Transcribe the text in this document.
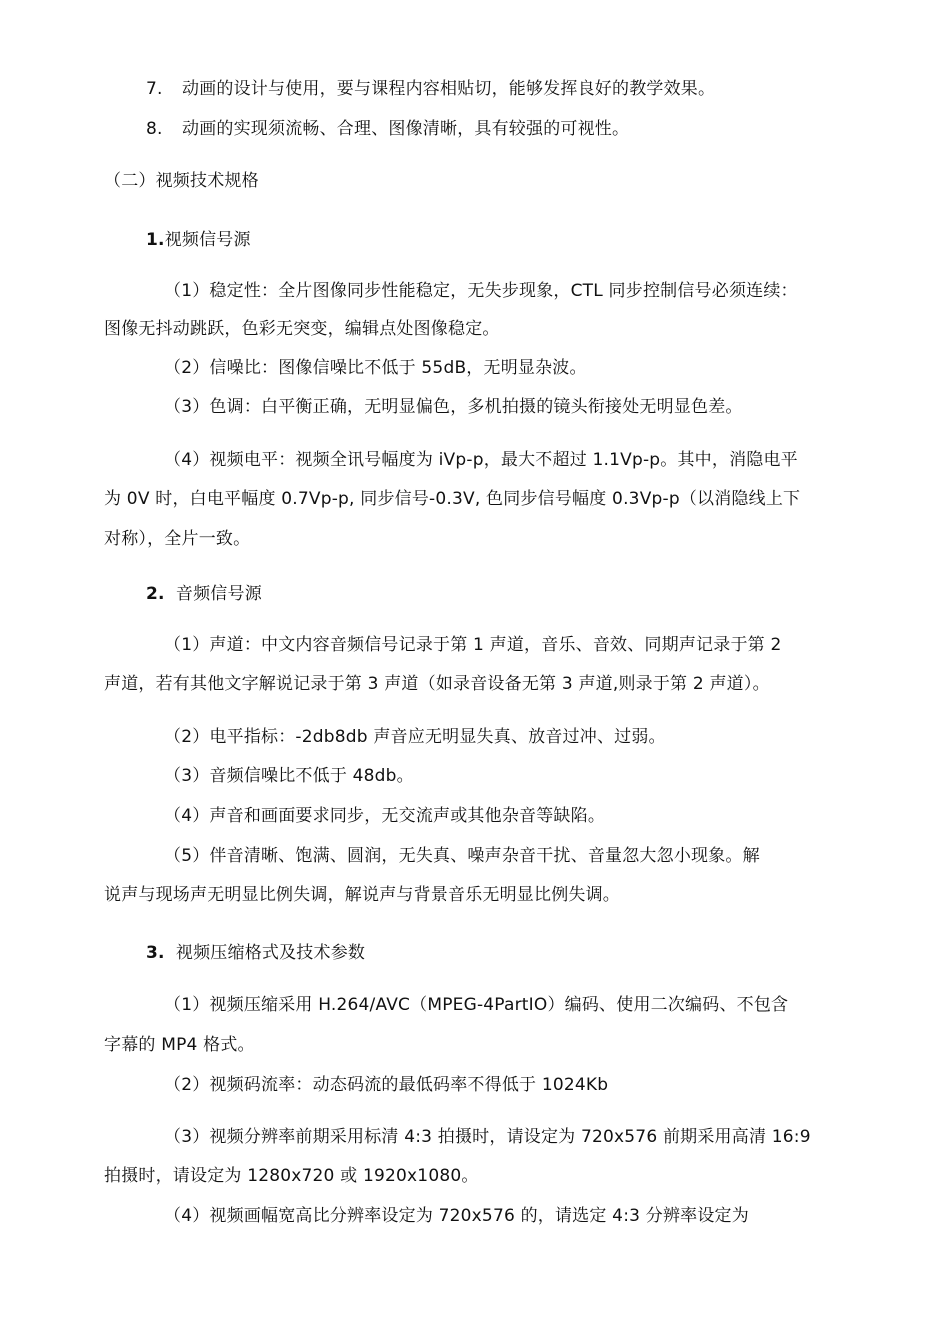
7. 动画的设计与使用，要与课程内容相贴切，能够发挥良好的教学效果。
8. 动画的实现须流畅、合理、图像清晰，具有较强的可视性。
（二）视频技术规格
1.视频信号源
（1）稳定性：全片图像同步性能稳定，无失步现象，CTL 同步控制信号必须连续：
图像无抖动跳跃，色彩无突变，编辑点处图像稳定。
（2）信噪比：图像信噪比不低于 55dB，无明显杂波。
（3）色调：白平衡正确，无明显偏色，多机拍摄的镜头衔接处无明显色差。
（4）视频电平：视频全讯号幅度为 iVp-p，最大不超过 1.1Vp-p。其中，消隐电平
为 0V 时，白电平幅度 0.7Vp-p, 同步信号-0.3V, 色同步信号幅度 0.3Vp-p（以消隐线上下
对称），全片一致。
2. 音频信号源
（1）声道：中文内容音频信号记录于第 1 声道，音乐、音效、同期声记录于第 2
声道，若有其他文字解说记录于第 3 声道（如录音设备无第 3 声道,则录于第 2 声道）。
（2）电平指标：-2db8db 声音应无明显失真、放音过冲、过弱。
（3）音频信噪比不低于 48db。
（4）声音和画面要求同步，无交流声或其他杂音等缺陷。
（5）伴音清晰、饱满、圆润，无失真、噪声杂音干扰、音量忽大忽小现象。解
说声与现场声无明显比例失调，解说声与背景音乐无明显比例失调。
3. 视频压缩格式及技术参数
（1）视频压缩采用 H.264/AVC（MPEG-4PartIO）编码、使用二次编码、不包含
字幕的 MP4 格式。
（2）视频码流率：动态码流的最低码率不得低于 1024Kb
（3）视频分辨率前期采用标清 4:3 拍摄时，请设定为 720x576 前期采用高清 16:9
拍摄时，请设定为 1280x720 或 1920x1080。
（4）视频画幅宽高比分辨率设定为 720x576 的，请选定 4:3 分辨率设定为
